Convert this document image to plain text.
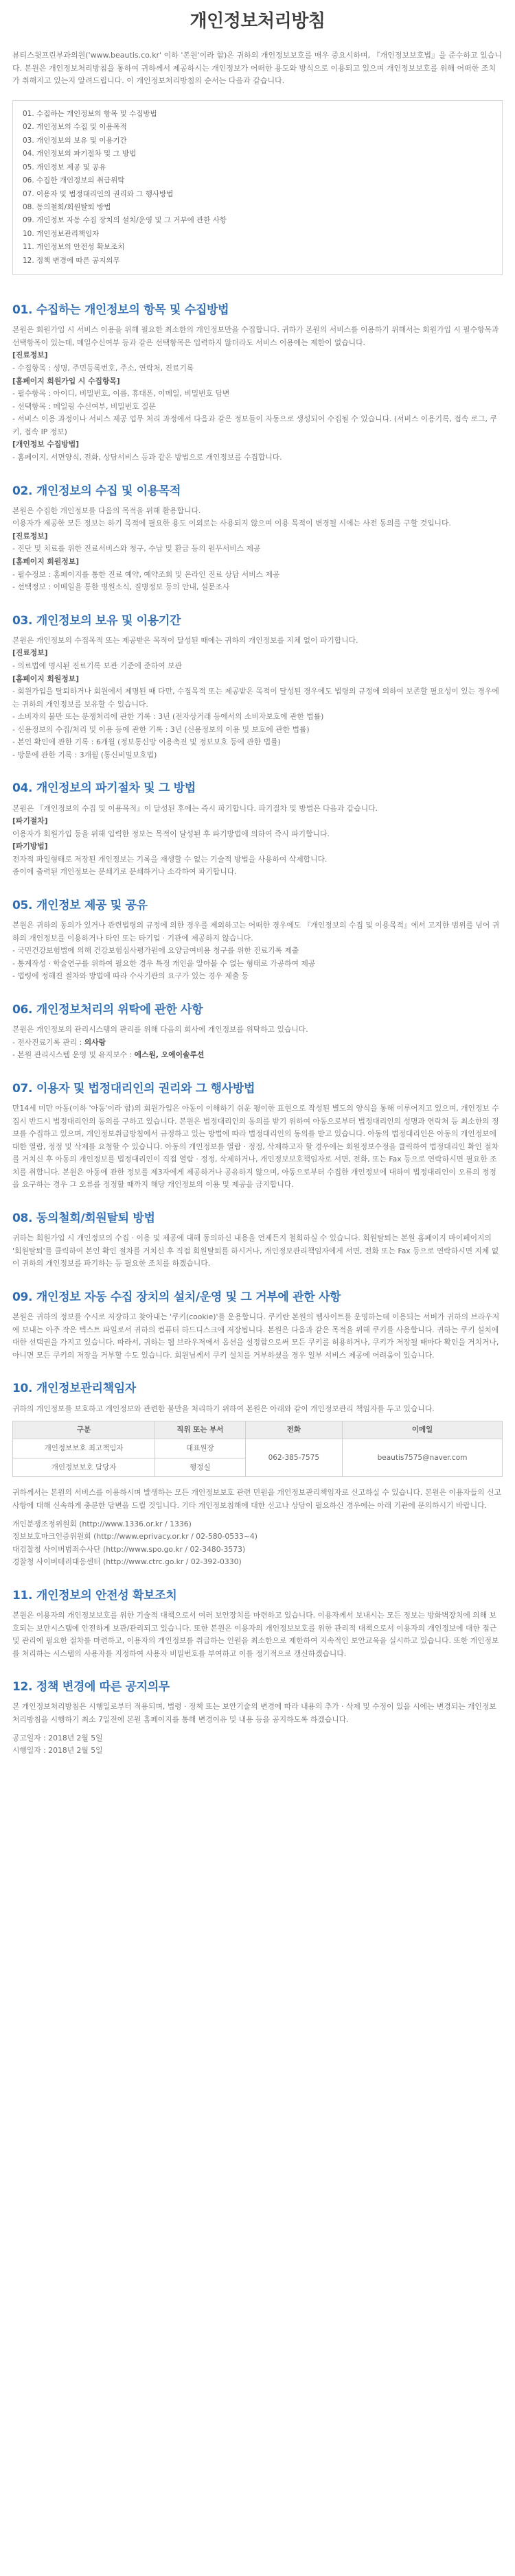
개인정보처리방침

뷰티스윗프린부과의원('www.beautis.co.kr' 이하 '본원'이라 함)은 귀하의 개인정보보호를 매우 중요시하며, 『개인정보보호법』을 준수하고 있습니다. 본원은 개인정보처리방침을 통하여 귀하께서 제공하시는 개인정보가 어떠한 용도와 방식으로 이용되고 있으며 개인정보보호를 위해 어떠한 조치가 취해지고 있는지 알려드립니다. 이 개인정보처리방침의 순서는 다음과 같습니다.

01. 수집하는 개인정보의 항목 및 수집방법
02. 개인정보의 수집 및 이용목적
03. 개인정보의 보유 및 이용기간
04. 개인정보의 파기절차 및 그 방법
05. 개인정보 제공 및 공유
06. 수집한 개인정보의 취급위탁
07. 이용자 및 법정대리인의 권리와 그 행사방법
08. 동의철회/회원탈퇴 방법
09. 개인정보 자동 수집 장치의 설치/운영 및 그 거부에 관한 사항
10. 개인정보관리책임자
11. 개인정보의 안전성 확보조치
12. 정책 변경에 따른 공지의무
01. 수집하는 개인정보의 항목 및 수집방법
본원은 회원가입 시 서비스 이용을 위해 필요한 최소한의 개인정보만을 수집합니다. 귀하가 본원의 서비스를 이용하기 위해서는 회원가입 시 필수항목과 선택항목이 있는데, 메일수신여부 등과 같은 선택항목은 입력하지 않더라도 서비스 이용에는 제한이 없습니다.
[진료정보]
- 수집항목 : 성명, 주민등록번호, 주소, 연락처, 진료기록
[홈페이지 회원가입 시 수집항목]
- 필수항목 : 아이디, 비밀번호, 이름, 휴대폰, 이메일, 비밀번호 답변
- 선택항목 : 메일링 수신여부, 비밀번호 질문
- 서비스 이용 과정이나 서비스 제공 업무 처리 과정에서 다음과 같은 정보들이 자동으로 생성되어 수집될 수 있습니다. (서비스 이용기록, 접속 로그, 쿠키, 접속 IP 정보)
[개인정보 수집방법]
- 홈페이지, 서면양식, 전화, 상담서비스 등과 같은 방법으로 개인정보를 수집합니다.
02. 개인정보의 수집 및 이용목적
본원은 수집한 개인정보를 다음의 목적을 위해 활용합니다.
이용자가 제공한 모든 정보는 하기 목적에 필요한 용도 이외로는 사용되지 않으며 이용 목적이 변경될 시에는 사전 동의를 구할 것입니다.
[진료정보]
- 진단 및 치료를 위한 진료서비스와 청구, 수납 및 환급 등의 원무서비스 제공
[홈페이지 회원정보]
- 필수정보 : 홈페이지를 통한 진료 예약, 예약조회 및 온라인 진료 상담 서비스 제공
- 선택정보 : 이메일을 통한 병원소식, 질병정보 등의 안내, 설문조사
03. 개인정보의 보유 및 이용기간
본원은 개인정보의 수집목적 또는 제공받은 목적이 달성된 때에는 귀하의 개인정보를 지체 없이 파기합니다.
[진료정보]
- 의료법에 명시된 진료기록 보관 기준에 준하여 보관
[홈페이지 회원정보]
- 회원가입을 탈퇴하거나 회원에서 제명된 때 다만, 수집목적 또는 제공받은 목적이 달성된 경우에도 법령의 규정에 의하여 보존할 필요성이 있는 경우에는 귀하의 개인정보를 보유할 수 있습니다.
- 소비자의 불만 또는 분쟁처리에 관한 기록 : 3년 (전자상거래 등에서의 소비자보호에 관한 법률)
- 신용정보의 수집/처리 및 이용 등에 관한 기록 : 3년 (신용정보의 이용 및 보호에 관한 법률)
- 본인 확인에 관한 기록 : 6개월 (정보통신망 이용촉진 및 정보보호 등에 관한 법률)
- 방문에 관한 기록 : 3개월 (통신비밀보호법)
04. 개인정보의 파기절차 및 그 방법
본원은 『개인정보의 수집 및 이용목적』이 달성된 후에는 즉시 파기합니다. 파기절차 및 방법은 다음과 같습니다.
[파기절차]
이용자가 회원가입 등을 위해 입력한 정보는 목적이 달성된 후 파기방법에 의하여 즉시 파기합니다.
[파기방법]
전자적 파일형태로 저장된 개인정보는 기록을 재생할 수 없는 기술적 방법을 사용하여 삭제합니다.
종이에 출력된 개인정보는 분쇄기로 분쇄하거나 소각하여 파기합니다.
05. 개인정보 제공 및 공유
본원은 귀하의 동의가 있거나 관련법령의 규정에 의한 경우를 제외하고는 어떠한 경우에도 『개인정보의 수집 및 이용목적』에서 고지한 범위를 넘어 귀하의 개인정보를 이용하거나 타인 또는 타기업 · 기관에 제공하지 않습니다.
- 국민건강보험법에 의해 건강보험심사평가원에 요양급여비용 청구를 위한 진료기록 제출
- 통계작성 · 학술연구를 위하여 필요한 경우 특정 개인을 알아볼 수 없는 형태로 가공하여 제공
- 법령에 정해진 절차와 방법에 따라 수사기관의 요구가 있는 경우 제출 등
06. 개인정보처리의 위탁에 관한 사항
본원은 개인정보의 관리시스템의 관리를 위해 다음의 회사에 개인정보를 위탁하고 있습니다.
- 전사진료기록 관리 : 의사랑
- 본원 관리시스템 운영 및 유지보수 : 에스원, 오에이솔루션
07. 이용자 및 법정대리인의 권리와 그 행사방법
만14세 미만 아동(이하 '아동'이라 함)의 회원가입은 아동이 이해하기 쉬운 평이한 표현으로 작성된 별도의 양식을 통해 이루어지고 있으며, 개인정보 수집시 반드시 법정대리인의 동의를 구하고 있습니다. 본원은 법정대리인의 동의를 받기 위하여 아동으로부터 법정대리인의 성명과 연락처 등 최소한의 정보를 수집하고 있으며, 개인정보취급방침에서 규정하고 있는 방법에 따라 법정대리인의 동의를 받고 있습니다. 아동의 법정대리인은 아동의 개인정보에 대한 열람, 정정 및 삭제를 요청할 수 있습니다. 아동의 개인정보를 열람 · 정정, 삭제하고자 할 경우에는 회원정보수정을 클릭하여 법정대리인 확인 절차를 거치신 후 아동의 개인정보를 법정대리인이 직접 열람 · 정정, 삭제하거나, 개인정보보호책임자로 서면, 전화, 또는 Fax 등으로 연락하시면 필요한 조치를 취합니다. 본원은 아동에 관한 정보를 제3자에게 제공하거나 공유하지 않으며, 아동으로부터 수집한 개인정보에 대하여 법정대리인이 오류의 정정을 요구하는 경우 그 오류를 정정할 때까지 해당 개인정보의 이용 및 제공을 금지합니다.
08. 동의철회/회원탈퇴 방법
귀하는 회원가입 시 개인정보의 수집 · 이용 및 제공에 대해 동의하신 내용을 언제든지 철회하실 수 있습니다. 회원탈퇴는 본원 홈페이지 마이페이지의 '회원탈퇴'를 클릭하여 본인 확인 절차를 거치신 후 직접 회원탈퇴를 하시거나, 개인정보관리책임자에게 서면, 전화 또는 Fax 등으로 연락하시면 지체 없이 귀하의 개인정보를 파기하는 등 필요한 조치를 하겠습니다.
09. 개인정보 자동 수집 장치의 설치/운영 및 그 거부에 관한 사항
본원은 귀하의 정보를 수시로 저장하고 찾아내는 '쿠키(cookie)'를 운용합니다. 쿠키란 본원의 웹사이트를 운영하는데 이용되는 서버가 귀하의 브라우저에 보내는 아주 작은 텍스트 파일로서 귀하의 컴퓨터 하드디스크에 저장됩니다. 본원은 다음과 같은 목적을 위해 쿠키를 사용합니다. 귀하는 쿠키 설치에 대한 선택권을 가지고 있습니다. 따라서, 귀하는 웹 브라우저에서 옵션을 설정함으로써 모든 쿠키를 허용하거나, 쿠키가 저장될 때마다 확인을 거치거나, 아니면 모든 쿠키의 저장을 거부할 수도 있습니다. 회원님께서 쿠키 설치를 거부하셨을 경우 일부 서비스 제공에 어려움이 있습니다.
10. 개인정보관리책임자
귀하의 개인정보를 보호하고 개인정보와 관련한 불만을 처리하기 위하여 본원은 아래와 같이 개인정보관리 책임자를 두고 있습니다.
구분	직위 또는 부서	전화	이메일
개인정보보호 최고책임자	대표원장	062-385-7575	beautis7575@naver.com
개인정보보호 담당자	행정실		
귀하께서는 본원의 서비스를 이용하시며 발생하는 모든 개인정보보호 관련 민원을 개인정보관리책임자로 신고하실 수 있습니다. 본원은 이용자들의 신고사항에 대해 신속하게 충분한 답변을 드릴 것입니다. 기타 개인정보침해에 대한 신고나 상담이 필요하신 경우에는 아래 기관에 문의하시기 바랍니다.
개인분쟁조정위원회 (http://www.1336.or.kr / 1336)
정보보호마크인증위원회 (http://www.eprivacy.or.kr / 02-580-0533~4)
대검찰청 사이버범죄수사단 (http://www.spo.go.kr / 02-3480-3573)
경찰청 사이버테러대응센터 (http://www.ctrc.go.kr / 02-392-0330)
11. 개인정보의 안전성 확보조치
본원은 이용자의 개인정보보호를 위한 기술적 대책으로서 여러 보안장치를 마련하고 있습니다. 이용자께서 보내시는 모든 정보는 방화벽장치에 의해 보호되는 보안시스템에 안전하게 보관/관리되고 있습니다. 또한 본원은 이용자의 개인정보보호를 위한 관리적 대책으로서 이용자의 개인정보에 대한 접근 및 관리에 필요한 절차를 마련하고, 이용자의 개인정보를 취급하는 인원을 최소한으로 제한하여 지속적인 보안교육을 실시하고 있습니다. 또한 개인정보를 처리하는 시스템의 사용자를 지정하여 사용자 비밀번호를 부여하고 이를 정기적으로 갱신하겠습니다.
12. 정책 변경에 따른 공지의무
본 개인정보처리방침은 시행일로부터 적용되며, 법령 · 정책 또는 보안기술의 변경에 따라 내용의 추가 · 삭제 및 수정이 있을 시에는 변경되는 개인정보처리방침을 시행하기 최소 7일전에 본원 홈페이지를 통해 변경이유 및 내용 등을 공지하도록 하겠습니다.
공고일자 : 2018년 2월 5일
시행일자 : 2018년 2월 5일
